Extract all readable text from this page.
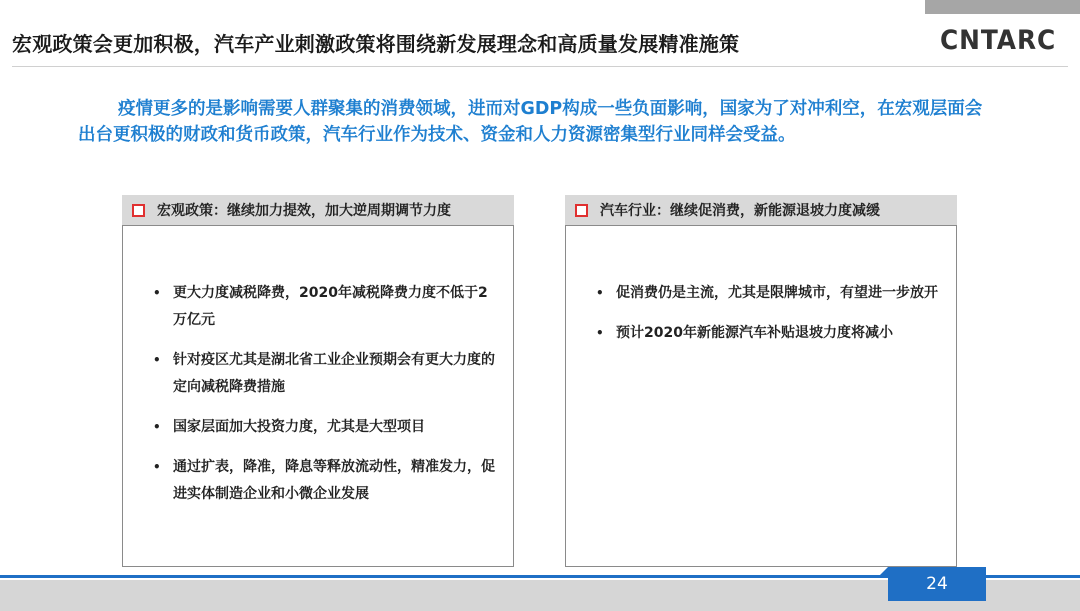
宏观政策会更加积极，汽车产业刺激政策将围绕新发展理念和高质量发展精准施策	CNTARC
疫情更多的是影响需要人群聚集的消费领域，进而对GDP构成一些负面影响，国家为了对冲利空，在宏观层面会出台更积极的财政和货币政策，汽车行业作为技术、资金和人力资源密集型行业同样会受益。
宏观政策：继续加力提效，加大逆周期调节力度
• 更大力度减税降费，2020年减税降费力度不低于2万亿元
• 针对疫区尤其是湖北省工业企业预期会有更大力度的定向减税降费措施
• 国家层面加大投资力度，尤其是大型项目
• 通过扩表，降准，降息等释放流动性，精准发力，促进实体制造企业和小微企业发展
汽车行业：继续促消费，新能源退坡力度减缓
• 促消费仍是主流，尤其是限牌城市，有望进一步放开
• 预计2020年新能源汽车补贴退坡力度将减小
24
